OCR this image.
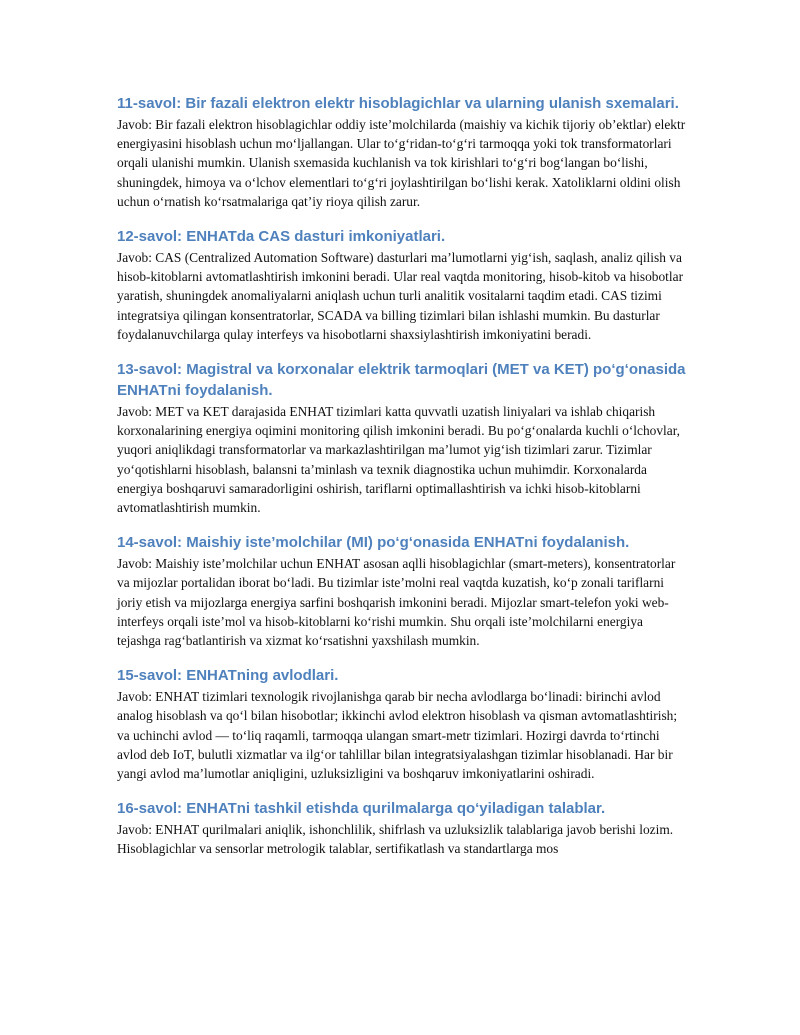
11-savol: Bir fazali elektron elektr hisoblagichlar va ularning ulanish sxemalari.
Javob: Bir fazali elektron hisoblagichlar oddiy iste’molchilarda (maishiy va kichik tijoriy ob’ektlar) elektr energiyasini hisoblash uchun mo‘ljallangan. Ular to‘g‘ridan-to‘g‘ri tarmoqqa yoki tok transformatorlari orqali ulanishi mumkin. Ulanish sxemasida kuchlanish va tok kirishlari to‘g‘ri bog‘langan bo‘lishi, shuningdek, himoya va o‘lchov elementlari to‘g‘ri joylashtirilgan bo‘lishi kerak. Xatoliklarni oldini olish uchun o‘rnatish ko‘rsatmalariga qat’iy rioya qilish zarur.
12-savol: ENHATda CAS dasturi imkoniyatlari.
Javob: CAS (Centralized Automation Software) dasturlari ma’lumotlarni yig‘ish, saqlash, analiz qilish va hisob-kitoblarni avtomatlashtirish imkonini beradi. Ular real vaqtda monitoring, hisob-kitob va hisobotlar yaratish, shuningdek anomaliyalarni aniqlash uchun turli analitik vositalarni taqdim etadi. CAS tizimi integratsiya qilingan konsentratorlar, SCADA va billing tizimlari bilan ishlashi mumkin. Bu dasturlar foydalanuvchilarga qulay interfeys va hisobotlarni shaxsiylashtirish imkoniyatini beradi.
13-savol: Magistral va korxonalar elektrik tarmoqlari (MET va KET) po‘g‘onasida ENHATni foydalanish.
Javob: MET va KET darajasida ENHAT tizimlari katta quvvatli uzatish liniyalari va ishlab chiqarish korxonalarining energiya oqimini monitoring qilish imkonini beradi. Bu po‘g‘onalarda kuchli o‘lchovlar, yuqori aniqlikdagi transformatorlar va markazlashtirilgan ma’lumot yig‘ish tizimlari zarur. Tizimlar yo‘qotishlarni hisoblash, balansni ta’minlash va texnik diagnostika uchun muhimdir. Korxonalarda energiya boshqaruvi samaradorligini oshirish, tariflarni optimallashtirish va ichki hisob-kitoblarni avtomatlashtirish mumkin.
14-savol: Maishiy iste’molchilar (MI) po‘g‘onasida ENHATni foydalanish.
Javob: Maishiy iste’molchilar uchun ENHAT asosan aqlli hisoblagichlar (smart-meters), konsentratorlar va mijozlar portalidan iborat bo‘ladi. Bu tizimlar iste’molni real vaqtda kuzatish, ko‘p zonali tariflarni joriy etish va mijozlarga energiya sarfini boshqarish imkonini beradi. Mijozlar smart-telefon yoki web-interfeys orqali iste’mol va hisob-kitoblarni ko‘rishi mumkin. Shu orqali iste’molchilarni energiya tejashga rag‘batlantirish va xizmat ko‘rsatishni yaxshilash mumkin.
15-savol: ENHATning avlodlari.
Javob: ENHAT tizimlari texnologik rivojlanishga qarab bir necha avlodlarga bo‘linadi: birinchi avlod analog hisoblash va qo‘l bilan hisobotlar; ikkinchi avlod elektron hisoblash va qisman avtomatlashtirish; va uchinchi avlod — to‘liq raqamli, tarmoqqa ulangan smart-metr tizimlari. Hozirgi davrda to‘rtinchi avlod deb IoT, bulutli xizmatlar va ilg‘or tahlillar bilan integratsiyalashgan tizimlar hisoblanadi. Har bir yangi avlod ma’lumotlar aniqligini, uzluksizligini va boshqaruv imkoniyatlarini oshiradi.
16-savol: ENHATni tashkil etishda qurilmalarga qo‘yiladigan talablar.
Javob: ENHAT qurilmalari aniqlik, ishonchlilik, shifrlash va uzluksizlik talablariga javob berishi lozim. Hisoblagichlar va sensorlar metrologik talablar, sertifikatlash va standartlarga mos
